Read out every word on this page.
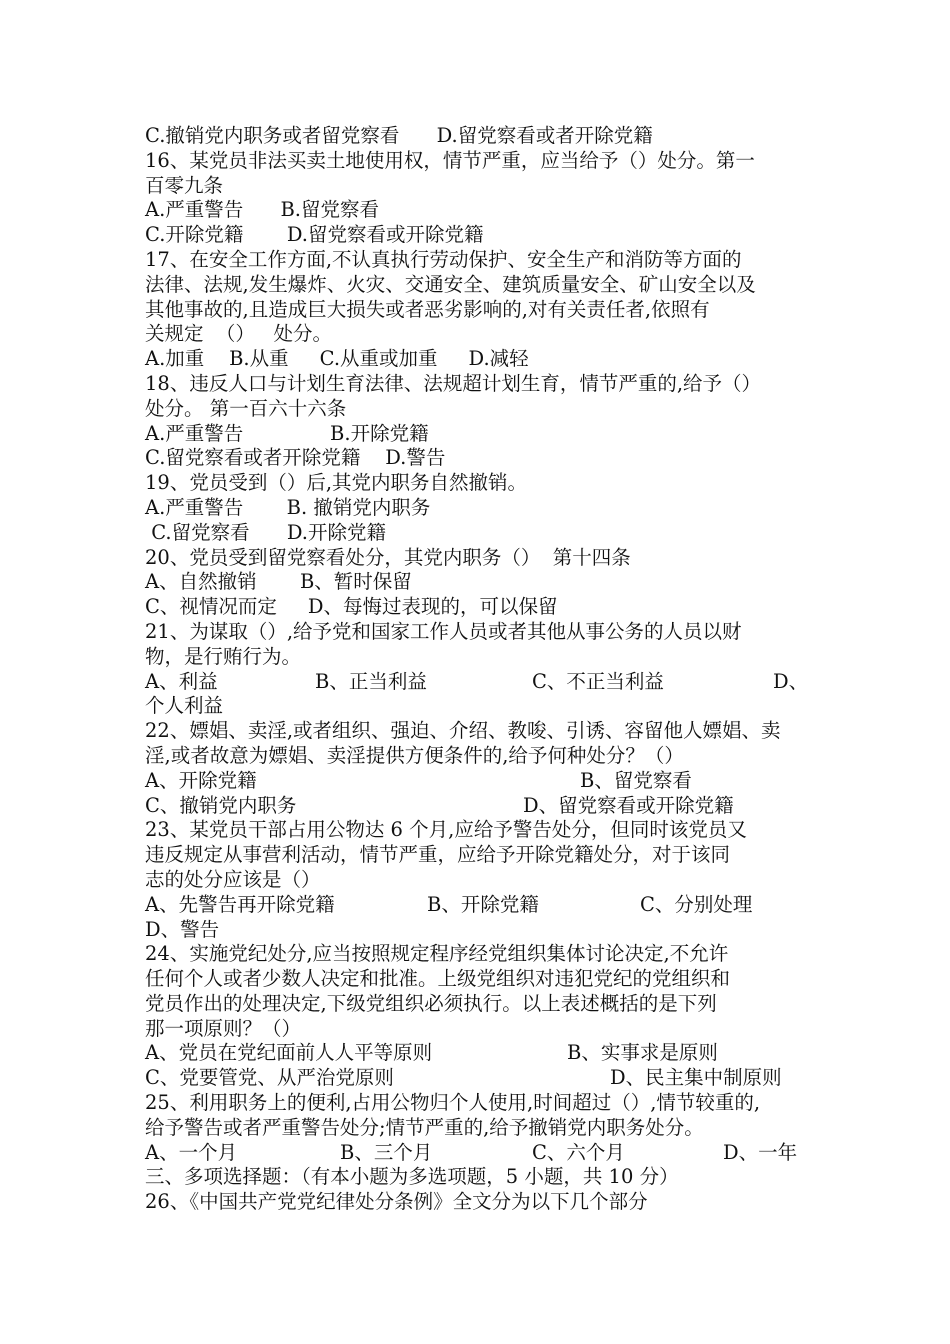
C.撤销党内职务或者留党察看      D.留党察看或者开除党籍
16、某党员非法买卖土地使用权，情节严重，应当给予（）处分。第一
百零九条
A.严重警告      B.留党察看
C.开除党籍       D.留党察看或开除党籍
17、在安全工作方面,不认真执行劳动保护、安全生产和消防等方面的
法律、法规,发生爆炸、火灾、交通安全、建筑质量安全、矿山安全以及
其他事故的,且造成巨大损失或者恶劣影响的,对有关责任者,依照有
关规定  （）   处分。
A.加重    B.从重     C.从重或加重     D.减轻
18、违反人口与计划生育法律、法规超计划生育，情节严重的,给予（）
处分。 第一百六十六条
A.严重警告              B.开除党籍
C.留党察看或者开除党籍    D.警告
19、党员受到（）后,其党内职务自然撤销。
A.严重警告       B. 撤销党内职务
C.留党察看      D.开除党籍
20、党员受到留党察看处分，其党内职务（）  第十四条
A、自然撤销       B、暂时保留
C、视情况而定     D、每悔过表现的，可以保留
21、为谋取（）,给予党和国家工作人员或者其他从事公务的人员以财
物，是行贿行为。
A、利益	B、正当利益	C、不正当利益	D、
个人利益
22、嫖娼、卖淫,或者组织、强迫、介绍、教唆、引诱、容留他人嫖娼、卖
淫,或者故意为嫖娼、卖淫提供方便条件的,给予何种处分？（）
A、开除党籍	B、留党察看
C、撤销党内职务	D、留党察看或开除党籍
23、某党员干部占用公物达 6 个月,应给予警告处分，但同时该党员又
违反规定从事营利活动，情节严重，应给予开除党籍处分，对于该同
志的处分应该是（）
A、先警告再开除党籍	B、开除党籍	C、分别处理
D、警告
24、实施党纪处分,应当按照规定程序经党组织集体讨论决定,不允许
任何个人或者少数人决定和批准。上级党组织对违犯党纪的党组织和
党员作出的处理决定,下级党组织必须执行。以上表述概括的是下列
那一项原则？（）
A、党员在党纪面前人人平等原则	B、实事求是原则
C、党要管党、从严治党原则	D、民主集中制原则
25、利用职务上的便利,占用公物归个人使用,时间超过（）,情节较重的,
给予警告或者严重警告处分;情节严重的,给予撤销党内职务处分。
A、一个月	B、三个月	C、六个月	D、一年
三、多项选择题：（有本小题为多选项题，5 小题，共 10 分）
26、《中国共产党党纪律处分条例》全文分为以下几个部分
